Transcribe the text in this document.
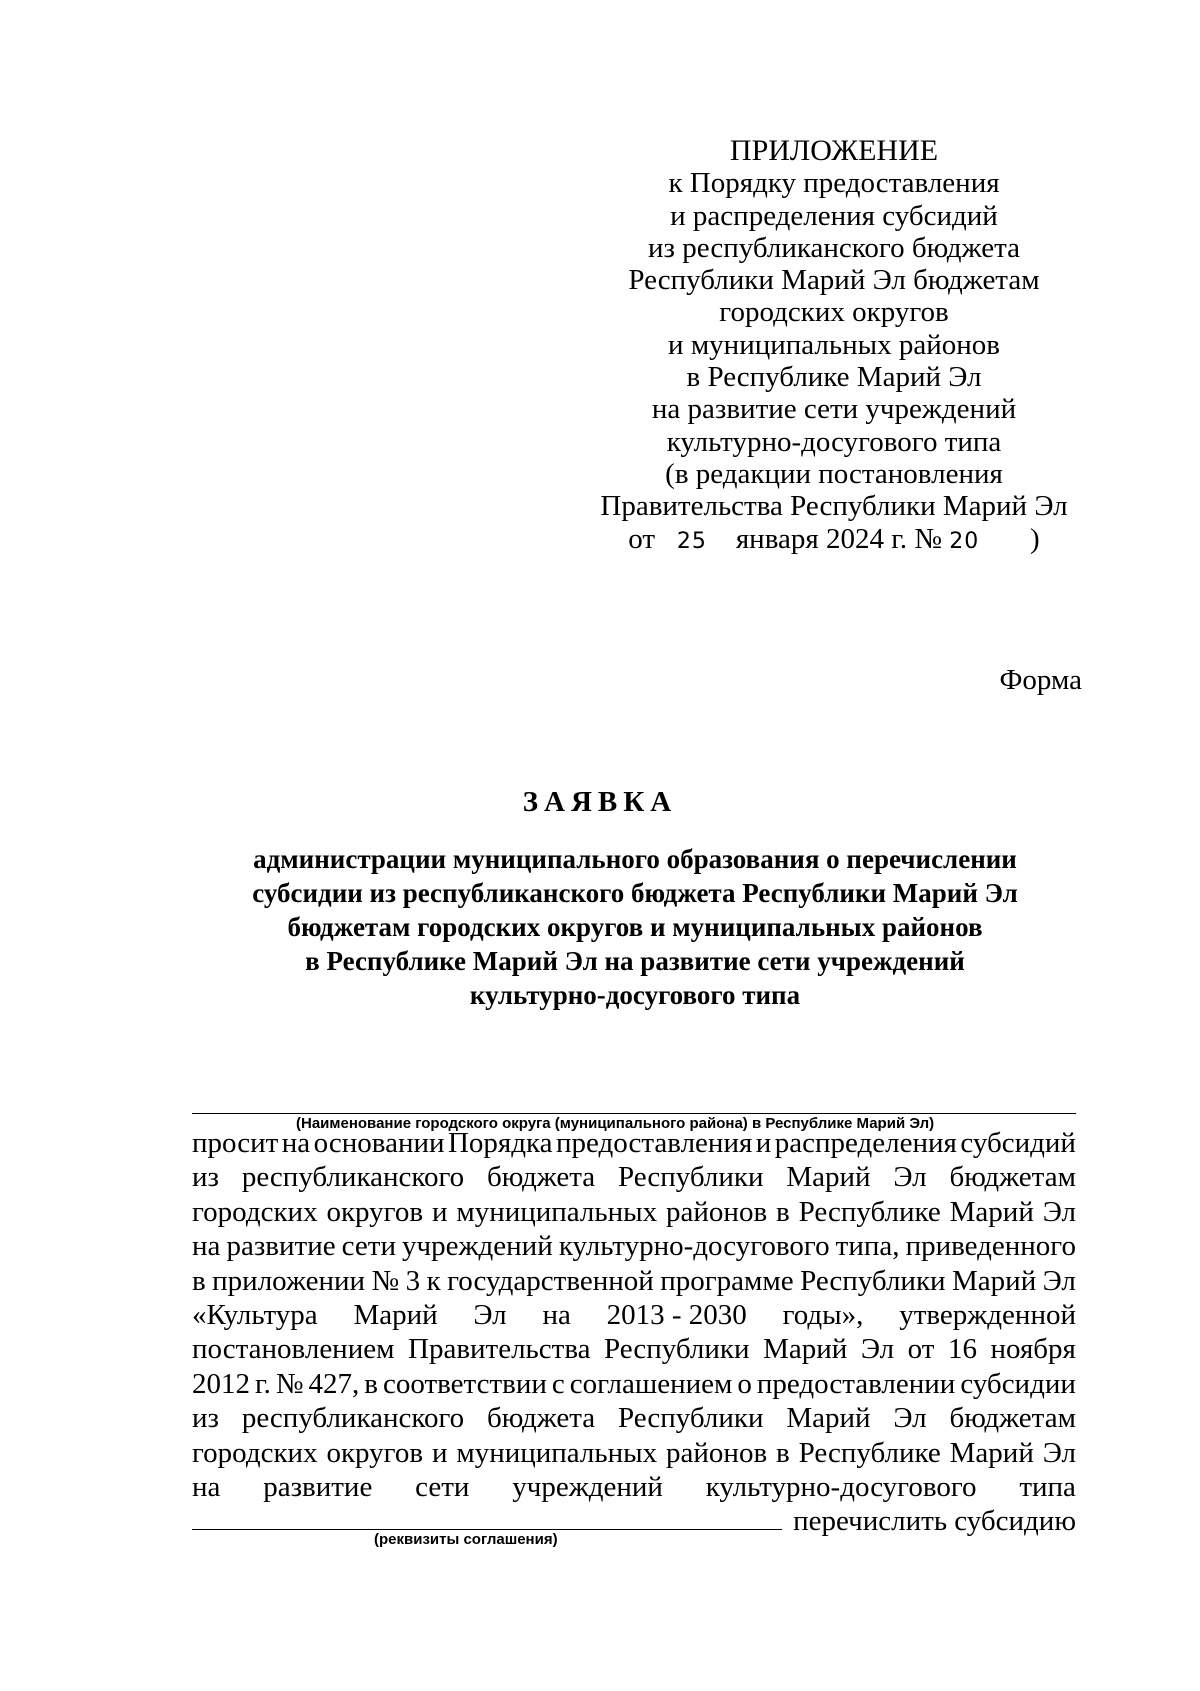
ПРИЛОЖЕНИЕ
к Порядку предоставления
и распределения субсидий
из республиканского бюджета
Республики Марий Эл бюджетам
городских округов
и муниципальных районов
в Республике Марий Эл
на развитие сети учреждений
культурно-досугового типа
(в редакции постановления
Правительства Республики Марий Эл
от 25 января 2024 г. № 20 )
Форма
ЗАЯВКА
администрации муниципального образования о перечислении
субсидии из республиканского бюджета Республики Марий Эл
бюджетам городских округов и муниципальных районов
в Республике Марий Эл на развитие сети учреждений
культурно-досугового типа
(Наименование городского округа (муниципального района) в Республике Марий Эл)
просит на основании Порядка предоставления и распределения субсидий
из республиканского бюджета Республики Марий Эл бюджетам
городских округов и муниципальных районов в Республике Марий Эл
на развитие сети учреждений культурно-досугового типа, приведенного
в приложении № 3 к государственной программе Республики Марий Эл
«Культура Марий Эл на 2013 - 2030 годы», утвержденной
постановлением Правительства Республики Марий Эл от 16 ноября
2012 г. № 427, в соответствии с соглашением о предоставлении субсидии
из республиканского бюджета Республики Марий Эл бюджетам
городских округов и муниципальных районов в Республике Марий Эл
на развитие сети учреждений культурно-досугового типа
перечислить субсидию
(реквизиты соглашения)
